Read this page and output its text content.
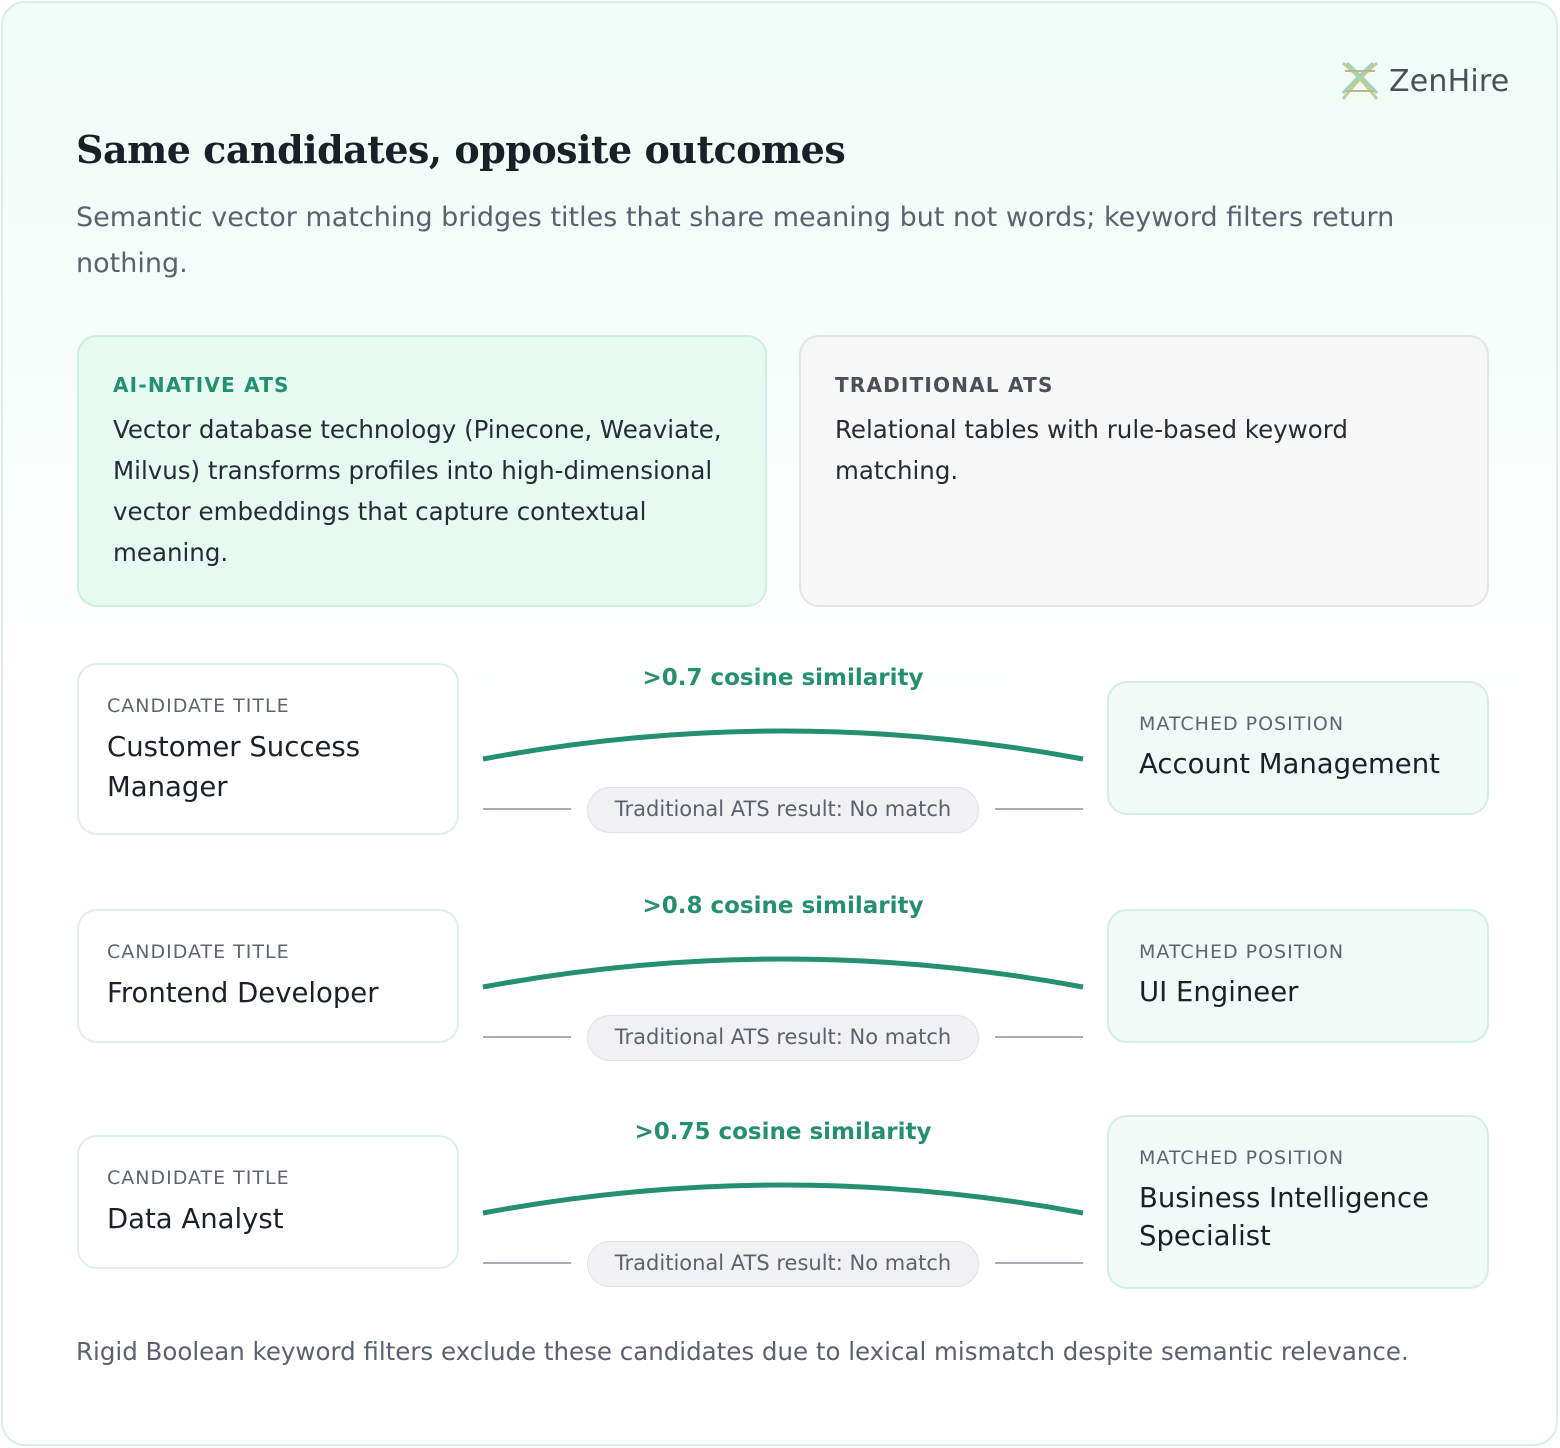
ZenHire
Same candidates, opposite outcomes

Semantic vector matching bridges titles that share meaning but not words; keyword filters return nothing.

AI-NATIVE ATS
Vector database technology (Pinecone, Weaviate, Milvus) transforms profiles into high-dimensional vector embeddings that capture contextual meaning.
TRADITIONAL ATS
Relational tables with rule-based keyword matching.
CANDIDATE TITLE
Customer Success Manager
>0.7 cosine similarity
Traditional ATS result: No match
MATCHED POSITION
Account Management
CANDIDATE TITLE
Frontend Developer
>0.8 cosine similarity
Traditional ATS result: No match
MATCHED POSITION
UI Engineer
CANDIDATE TITLE
Data Analyst
>0.75 cosine similarity
Traditional ATS result: No match
MATCHED POSITION
Business Intelligence Specialist

Rigid Boolean keyword filters exclude these candidates due to lexical mismatch despite semantic relevance.
